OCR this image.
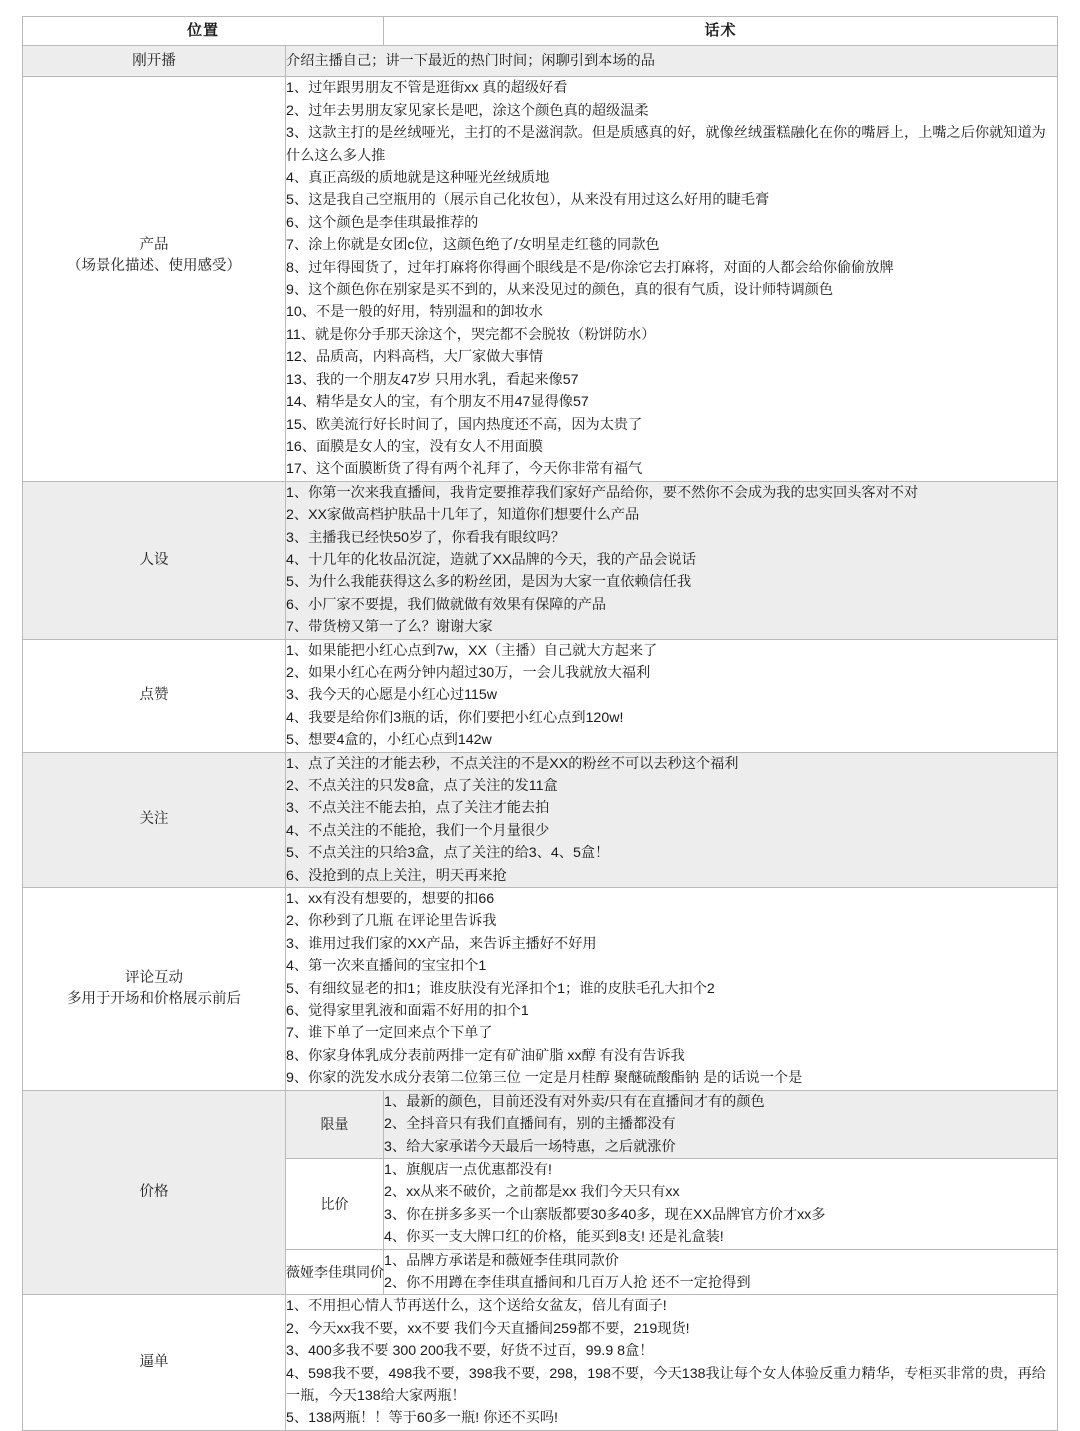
位置		话术

刚开播	介绍主播自己；讲一下最近的热门时间；闲聊引到本场的品	

产品
（场景化描述、使用感受）

1、过年跟男朋友不管是逛街xx 真的超级好看
2、过年去男朋友家见家长是吧，涂这个颜色真的超级温柔
3、这款主打的是丝绒哑光，主打的不是滋润款。但是质感真的好，就像丝绒蛋糕融化在你的嘴唇上，上嘴之后你就知道为什么这么多人推
4、真正高级的质地就是这种哑光丝绒质地
5、这是我自己空瓶用的（展示自己化妆包），从来没有用过这么好用的睫毛膏
6、这个颜色是李佳琪最推荐的
7、涂上你就是女团c位，这颜色绝了/女明星走红毯的同款色
8、过年得囤货了，过年打麻将你得画个眼线是不是/你涂它去打麻将，对面的人都会给你偷偷放牌
9、这个颜色你在别家是买不到的，从来没见过的颜色，真的很有气质，设计师特调颜色
10、不是一般的好用，特别温和的卸妆水
11、就是你分手那天涂这个，哭完都不会脱妆（粉饼防水）
12、品质高，内料高档，大厂家做大事情
13、我的一个朋友47岁 只用水乳，看起来像57
14、精华是女人的宝，有个朋友不用47显得像57
15、欧美流行好长时间了，国内热度还不高，因为太贵了
16、面膜是女人的宝，没有女人不用面膜
17、这个面膜断货了得有两个礼拜了，今天你非常有福气

人设

1、你第一次来我直播间，我肯定要推荐我们家好产品给你，要不然你不会成为我的忠实回头客对不对
2、XX家做高档护肤品十几年了，知道你们想要什么产品
3、主播我已经快50岁了，你看我有眼纹吗？
4、十几年的化妆品沉淀，造就了XX品牌的今天，我的产品会说话
5、为什么我能获得这么多的粉丝团，是因为大家一直依赖信任我
6、小厂家不要提，我们做就做有效果有保障的产品
7、带货榜又第一了么？谢谢大家

点赞	1、如果能把小红心点到7w，XX（主播）自己就大方起来了
2、如果小红心在两分钟内超过30万，一会儿我就放大福利
3、我今天的心愿是小红心过115w
4、我要是给你们3瓶的话，你们要把小红心点到120w!
5、想要4盒的，小红心点到142w	

关注

1、点了关注的才能去秒，不点关注的不是XX的粉丝不可以去秒这个福利
2、不点关注的只发8盒，点了关注的发11盒
3、不点关注不能去拍，点了关注才能去拍
4、不点关注的不能抢，我们一个月量很少
5、不点关注的只给3盒，点了关注的给3、4、5盒！
6、没抢到的点上关注，明天再来抢

评论互动
多用于开场和价格展示前后

1、xx有没有想要的，想要的扣66
2、你秒到了几瓶 在评论里告诉我
3、谁用过我们家的XX产品，来告诉主播好不好用
4、第一次来直播间的宝宝扣个1
5、有细纹显老的扣1；谁皮肤没有光泽扣个1；谁的皮肤毛孔大扣个2
6、觉得家里乳液和面霜不好用的扣个1
7、谁下单了一定回来点个下单了
8、你家身体乳成分表前两排一定有矿油矿脂 xx醇 有没有告诉我
9、你家的洗发水成分表第二位第三位 一定是月桂醇 聚醚硫酸酯钠 是的话说一个是

价格	限量	1、最新的颜色，目前还没有对外卖/只有在直播间才有的颜色
2、全抖音只有我们直播间有，别的主播都没有
3、给大家承诺今天最后一场特惠，之后就涨价

	比价	1、旗舰店一点优惠都没有!
2、xx从来不破价，之前都是xx 我们今天只有xx
3、你在拼多多买一个山寨版都要30多40多，现在XX品牌官方价才xx多
4、你买一支大牌口红的价格，能买到8支! 还是礼盒装!

	薇娅李佳琪同价	1、品牌方承诺是和薇娅李佳琪同款价
2、你不用蹲在李佳琪直播间和几百万人抢 还不一定抢得到

逼单	1、不用担心情人节再送什么，这个送给女盆友，倍儿有面子!
2、今天xx我不要，xx不要 我们今天直播间259都不要，219现货!
3、400多我不要 300 200我不要，好货不过百，99.9 8盒！
4、598我不要，498我不要，398我不要，298，198不要，今天138我让每个女人体验反重力精华，专柜买非常的贵，再给一瓶，今天138给大家两瓶！
5、138两瓶！！等于60多一瓶! 你还不买吗!	
